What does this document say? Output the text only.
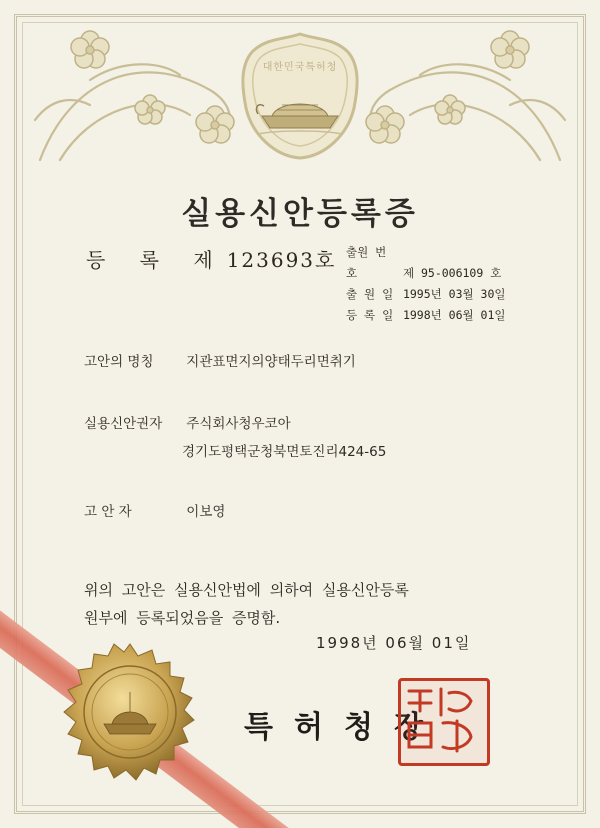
대한민국특허청
실용신안등록증
등 록 제123693호 출원 번호	제 95-006109 호
출 원 일 1995년 03월 30일
등 록 일 1998년 06월 01일
고안의 명칭 지관표면지의양태두리면취기
실용신안권자 주식회사청우코아
경기도평택군청북면토진리424-65
고 안 자	이보영
위의 고안은 실용신안법에 의하여 실용신안등록
원부에 등록되었음을 증명함.
1998년 06월 01일
특허청장
